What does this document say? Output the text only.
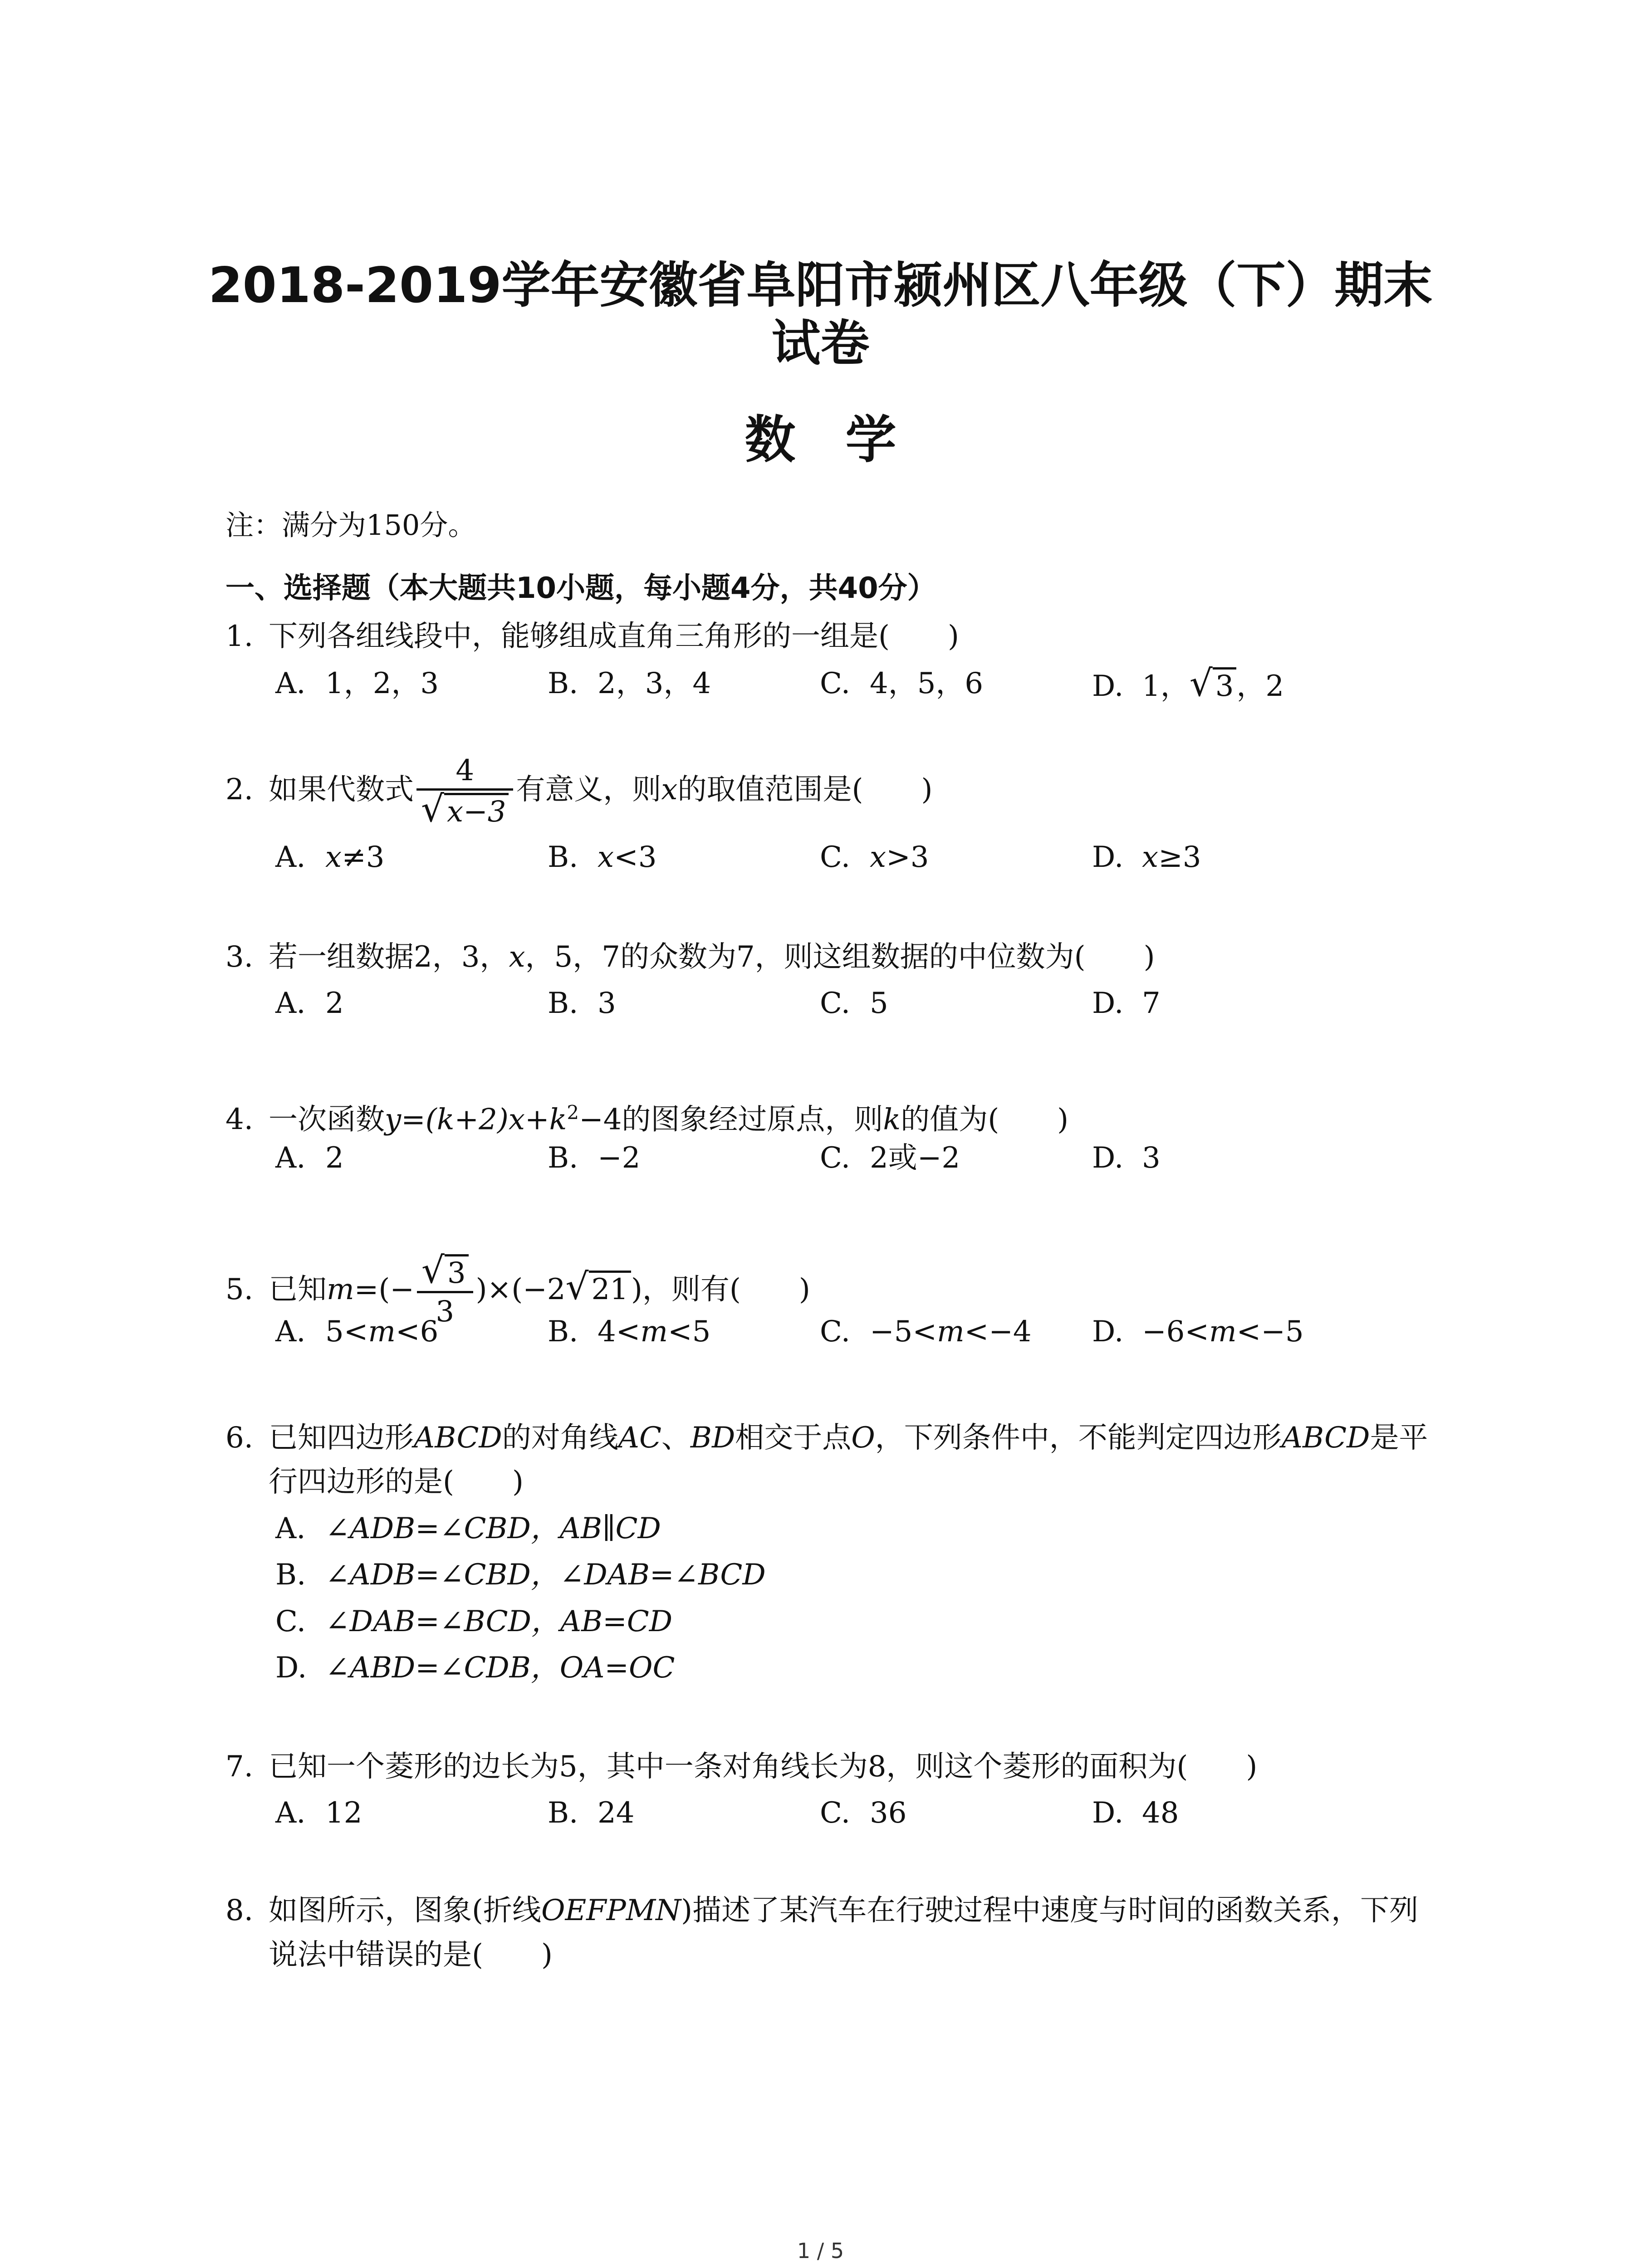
2018-2019学年安徽省阜阳市颍州区八年级（下）期末
试卷
数学
注：满分为150分。
一、选择题（本大题共10小题，每小题4分，共40分）
1. 下列各组线段中，能够组成直角三角形的一组是(　　)
A. 1，2，3	B. 2，3，4	C. 4，5，6	D. 1，√3，2
2. 如果代数式 $\frac{4}{√x-3}$ 有意义，则x的取值范围是(　　)
A. x≠3	B. x<3	C. x>3	D. x≥3
3. 若一组数据2，3，x，5，7的众数为7，则这组数据的中位数为(　　)
A. 2	B. 3	C. 5	D. 7
4. 一次函数$y=(k+2)x+k^2-4$的图象经过原点，则k的值为(　　)
A. 2	B. −2	C. 2或−2	D. 3
5. 已知$m=(- \frac{√3}{3} )\times(-2√21)$，则有(　　)
A. 5<m<6	B. 4<m<5	C. −5<m<−4 D. −6<m<−5
6. 已知四边形ABCD的对角线AC、BD相交于点O，下列条件中，不能判定四边形ABCD是平
行四边形的是(　　)
A. ∠ADB=∠CBD，AB∥CD
B. ∠ADB=∠CBD，∠DAB=∠BCD
C. ∠DAB=∠BCD，AB=CD
D. ∠ABD=∠CDB，OA=OC
7. 已知一个菱形的边长为5，其中一条对角线长为8，则这个菱形的面积为(　　)
A. 12	B. 24	C. 36	D. 48
8. 如图所示，图象(折线OEFPMN)描述了某汽车在行驶过程中速度与时间的函数关系，下列
说法中错误的是(　　)
1 / 5
